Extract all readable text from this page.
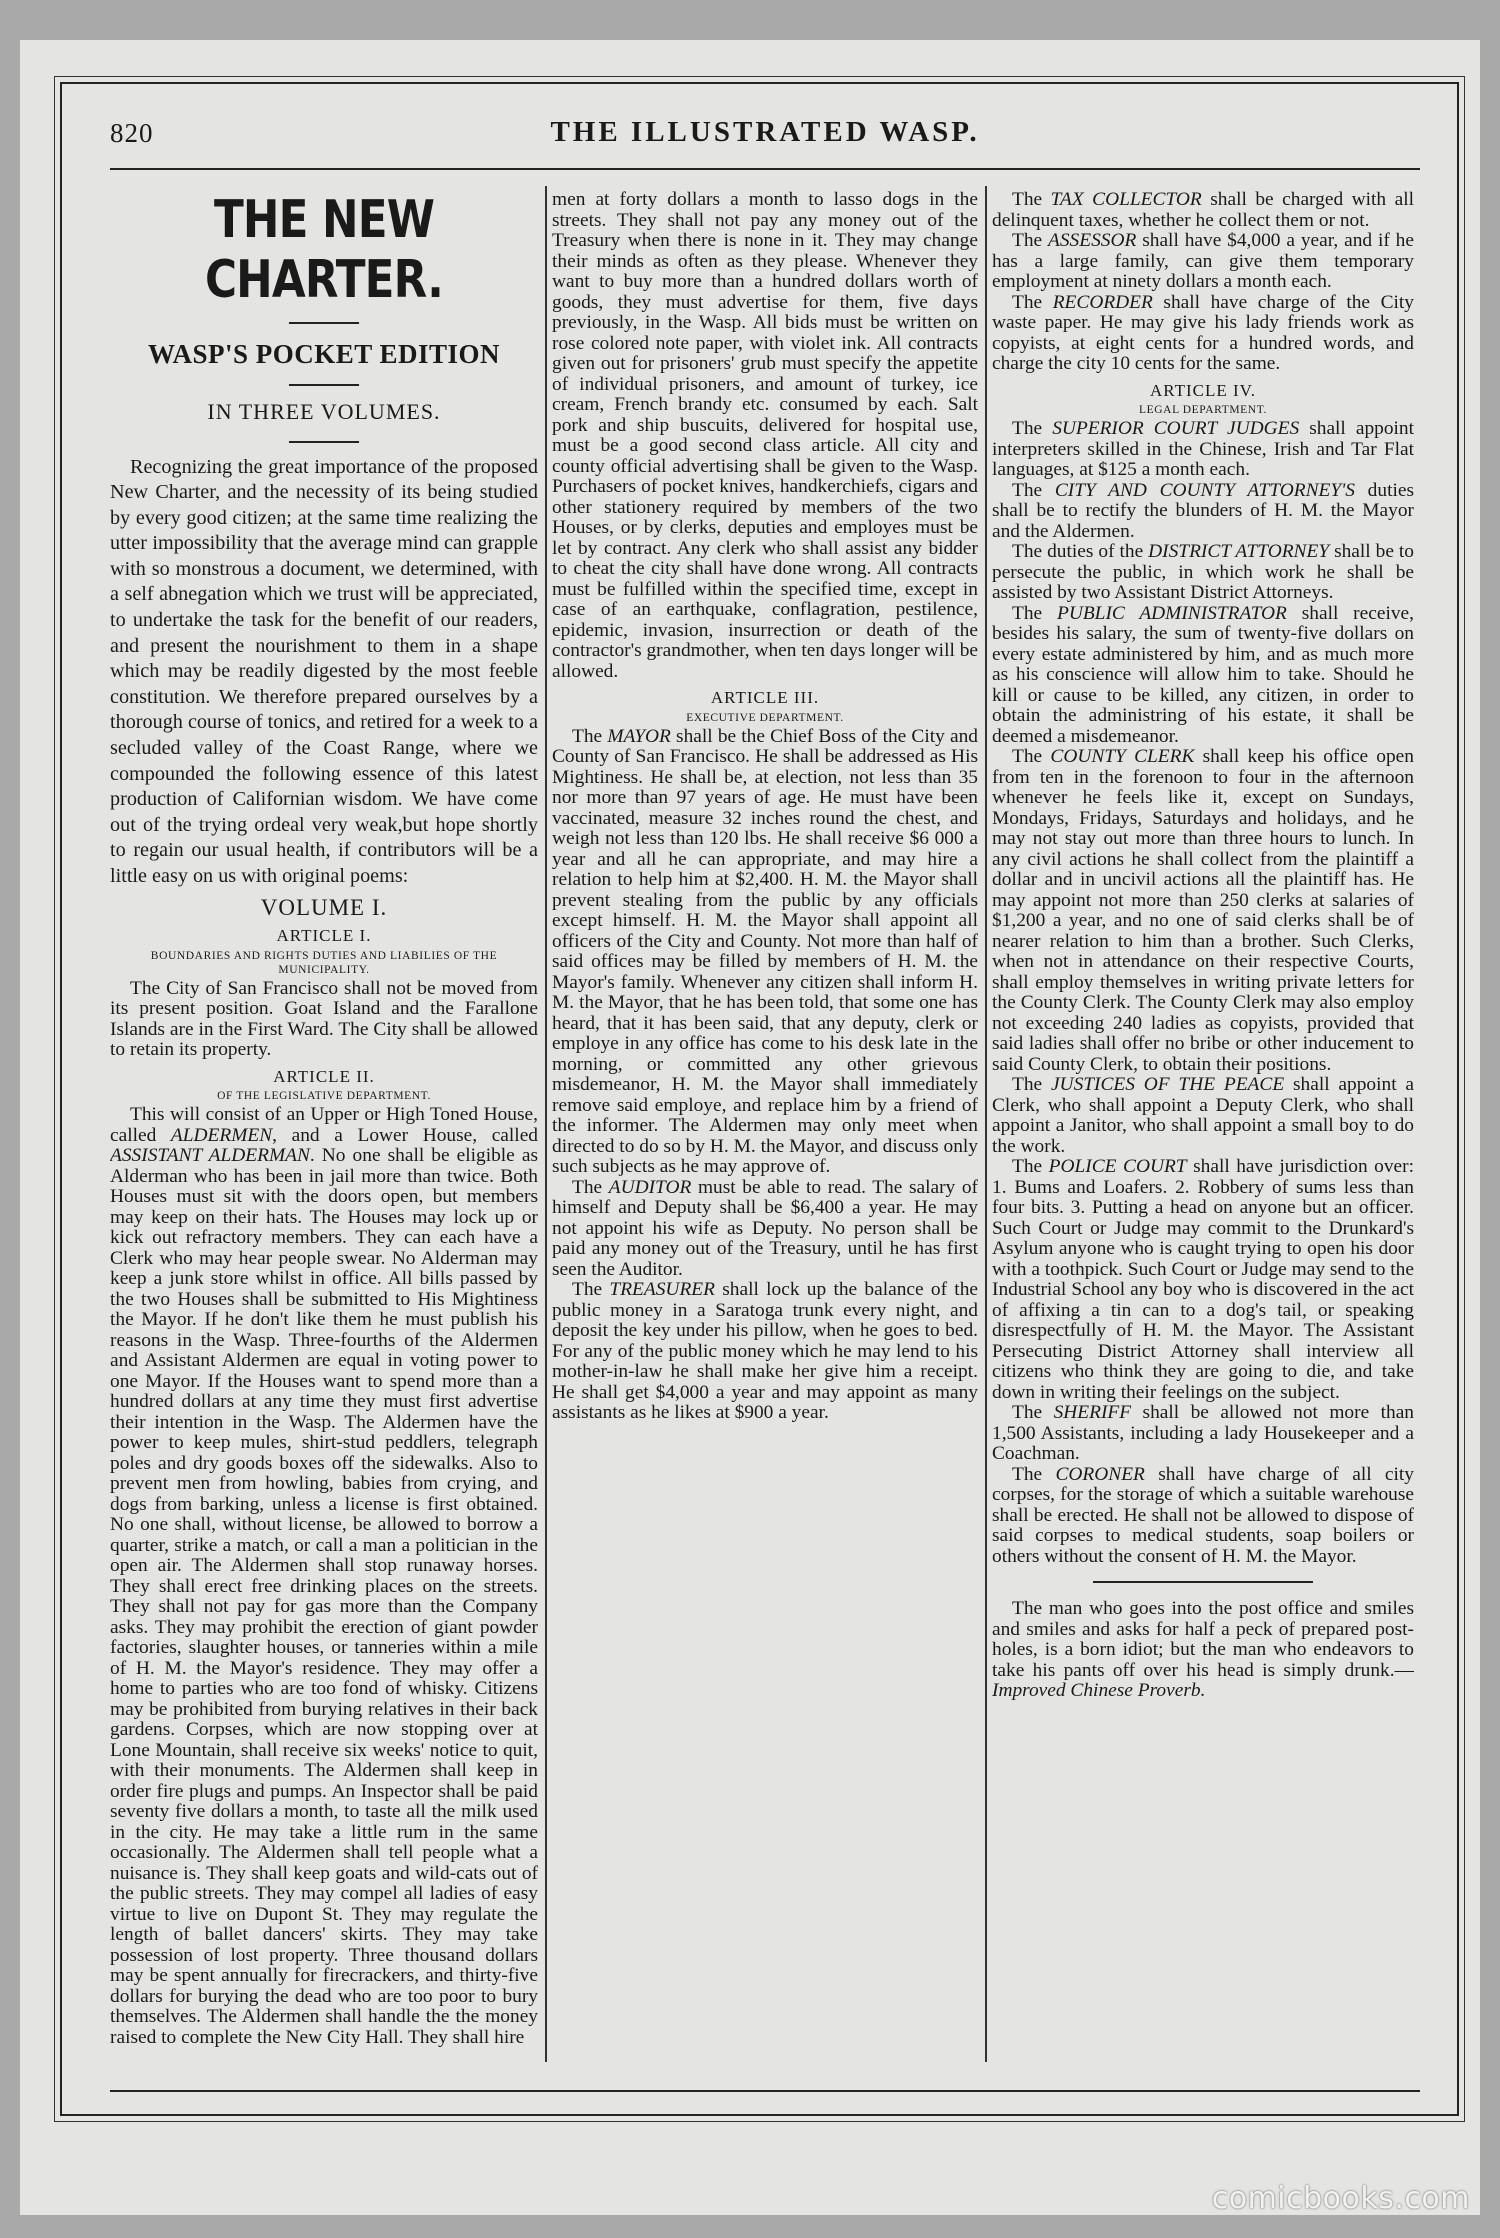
820	THE ILLUSTRATED WASP.
THE NEW CHARTER.
WASP'S POCKET EDITION
IN THREE VOLUMES.

Recognizing the great importance of the proposed New Charter, and the necessity of its being studied by every good citizen; at the same time realizing the utter impossibility that the average mind can grapple with so monstrous a document, we determined, with a self abnegation which we trust will be appreciated, to undertake the task for the benefit of our readers, and present the nourishment to them in a shape which may be readily digested by the most feeble constitution. We therefore prepared ourselves by a thorough course of tonics, and retired for a week to a secluded valley of the Coast Range, where we compounded the following essence of this latest production of Californian wisdom. We have come out of the trying ordeal very weak,but hope shortly to regain our usual health, if contributors will be a little easy on us with original poems:

VOLUME I.
ARTICLE I.
BOUNDARIES AND RIGHTS DUTIES AND LIABILIES OF THE MUNICIPALITY.

The City of San Francisco shall not be moved from its present position. Goat Island and the Farallone Islands are in the First Ward. The City shall be allowed to retain its property.

ARTICLE II.
OF THE LEGISLATIVE DEPARTMENT.

This will consist of an Upper or High Toned House, called ALDERMEN, and a Lower House, called ASSISTANT ALDERMAN. No one shall be eligible as Alderman who has been in jail more than twice. Both Houses must sit with the doors open, but members may keep on their hats. The Houses may lock up or kick out refractory members. They can each have a Clerk who may hear people swear. No Alderman may keep a junk store whilst in office. All bills passed by the two Houses shall be submitted to His Mightiness the Mayor. If he don't like them he must publish his reasons in the Wasp. Three-fourths of the Aldermen and Assistant Aldermen are equal in voting power to one Mayor. If the Houses want to spend more than a hundred dollars at any time they must first advertise their intention in the Wasp. The Aldermen have the power to keep mules, shirt-stud peddlers, telegraph poles and dry goods boxes off the sidewalks. Also to prevent men from howling, babies from crying, and dogs from barking, unless a license is first obtained. No one shall, without license, be allowed to borrow a quarter, strike a match, or call a man a politician in the open air. The Aldermen shall stop runaway horses. They shall erect free drinking places on the streets. They shall not pay for gas more than the Company asks. They may prohibit the erection of giant powder factories, slaughter houses, or tanneries within a mile of H. M. the Mayor's residence. They may offer a home to parties who are too fond of whisky. Citizens may be prohibited from burying relatives in their back gardens. Corpses, which are now stopping over at Lone Mountain, shall receive six weeks' notice to quit, with their monuments. The Aldermen shall keep in order fire plugs and pumps. An Inspector shall be paid seventy five dollars a month, to taste all the milk used in the city. He may take a little rum in the same occasionally. The Aldermen shall tell people what a nuisance is. They shall keep goats and wild-cats out of the public streets. They may compel all ladies of easy virtue to live on Dupont St. They may regulate the length of ballet dancers' skirts. They may take possession of lost property. Three thousand dollars may be spent annually for firecrackers, and thirty-five dollars for burying the dead who are too poor to bury themselves. The Aldermen shall handle the the money raised to complete the New City Hall. They shall hire

men at forty dollars a month to lasso dogs in the streets. They shall not pay any money out of the Treasury when there is none in it. They may change their minds as often as they please. Whenever they want to buy more than a hundred dollars worth of goods, they must advertise for them, five days previously, in the Wasp. All bids must be written on rose colored note paper, with violet ink. All contracts given out for prisoners' grub must specify the appetite of individual prisoners, and amount of turkey, ice cream, French brandy etc. consumed by each. Salt pork and ship buscuits, delivered for hospital use, must be a good second class article. All city and county official advertising shall be given to the Wasp. Purchasers of pocket knives, handkerchiefs, cigars and other stationery required by members of the two Houses, or by clerks, deputies and employes must be let by contract. Any clerk who shall assist any bidder to cheat the city shall have done wrong. All contracts must be fulfilled within the specified time, except in case of an earthquake, conflagration, pestilence, epidemic, invasion, insurrection or death of the contractor's grandmother, when ten days longer will be allowed.

ARTICLE III.
EXECUTIVE DEPARTMENT.

The MAYOR shall be the Chief Boss of the City and County of San Francisco. He shall be addressed as His Mightiness. He shall be, at election, not less than 35 nor more than 97 years of age. He must have been vaccinated, measure 32 inches round the chest, and weigh not less than 120 lbs. He shall receive $6 000 a year and all he can appropriate, and may hire a relation to help him at $2,400. H. M. the Mayor shall prevent stealing from the public by any officials except himself. H. M. the Mayor shall appoint all officers of the City and County. Not more than half of said offices may be filled by members of H. M. the Mayor's family. Whenever any citizen shall inform H. M. the Mayor, that he has been told, that some one has heard, that it has been said, that any deputy, clerk or employe in any office has come to his desk late in the morning, or committed any other grievous misdemeanor, H. M. the Mayor shall immediately remove said employe, and replace him by a friend of the informer. The Aldermen may only meet when directed to do so by H. M. the Mayor, and discuss only such subjects as he may approve of.

The AUDITOR must be able to read. The salary of himself and Deputy shall be $6,400 a year. He may not appoint his wife as Deputy. No person shall be paid any money out of the Treasury, until he has first seen the Auditor.

The TREASURER shall lock up the balance of the public money in a Saratoga trunk every night, and deposit the key under his pillow, when he goes to bed. For any of the public money which he may lend to his mother-in-law he shall make her give him a receipt. He shall get $4,000 a year and may appoint as many assistants as he likes at $900 a year.

The TAX COLLECTOR shall be charged with all delinquent taxes, whether he collect them or not.

The ASSESSOR shall have $4,000 a year, and if he has a large family, can give them temporary employment at ninety dollars a month each.

The RECORDER shall have charge of the City waste paper. He may give his lady friends work as copyists, at eight cents for a hundred words, and charge the city 10 cents for the same.

ARTICLE IV.
LEGAL DEPARTMENT.

The SUPERIOR COURT JUDGES shall appoint interpreters skilled in the Chinese, Irish and Tar Flat languages, at $125 a month each.

The CITY AND COUNTY ATTORNEY'S duties shall be to rectify the blunders of H. M. the Mayor and the Aldermen.

The duties of the DISTRICT ATTORNEY shall be to persecute the public, in which work he shall be assisted by two Assistant District Attorneys.

The PUBLIC ADMINISTRATOR shall receive, besides his salary, the sum of twenty-five dollars on every estate administered by him, and as much more as his conscience will allow him to take. Should he kill or cause to be killed, any citizen, in order to obtain the administring of his estate, it shall be deemed a misdemeanor.

The COUNTY CLERK shall keep his office open from ten in the forenoon to four in the afternoon whenever he feels like it, except on Sundays, Mondays, Fridays, Saturdays and holidays, and he may not stay out more than three hours to lunch. In any civil actions he shall collect from the plaintiff a dollar and in uncivil actions all the plaintiff has. He may appoint not more than 250 clerks at salaries of $1,200 a year, and no one of said clerks shall be of nearer relation to him than a brother. Such Clerks, when not in attendance on their respective Courts, shall employ themselves in writing private letters for the County Clerk. The County Clerk may also employ not exceeding 240 ladies as copyists, provided that said ladies shall offer no bribe or other inducement to said County Clerk, to obtain their positions.

The JUSTICES OF THE PEACE shall appoint a Clerk, who shall appoint a Deputy Clerk, who shall appoint a Janitor, who shall appoint a small boy to do the work.

The POLICE COURT shall have jurisdiction over: 1. Bums and Loafers. 2. Robbery of sums less than four bits. 3. Putting a head on anyone but an officer. Such Court or Judge may commit to the Drunkard's Asylum anyone who is caught trying to open his door with a toothpick. Such Court or Judge may send to the Industrial School any boy who is discovered in the act of affixing a tin can to a dog's tail, or speaking disrespectfully of H. M. the Mayor. The Assistant Persecuting District Attorney shall interview all citizens who think they are going to die, and take down in writing their feelings on the subject.

The SHERIFF shall be allowed not more than 1,500 Assistants, including a lady Housekeeper and a Coachman.

The CORONER shall have charge of all city corpses, for the storage of which a suitable warehouse shall be erected. He shall not be allowed to dispose of said corpses to medical students, soap boilers or others without the consent of H. M. the Mayor.

The man who goes into the post office and smiles and smiles and asks for half a peck of prepared post-holes, is a born idiot; but the man who endeavors to take his pants off over his head is simply drunk.—Improved Chinese Proverb.

comicbooks.com
